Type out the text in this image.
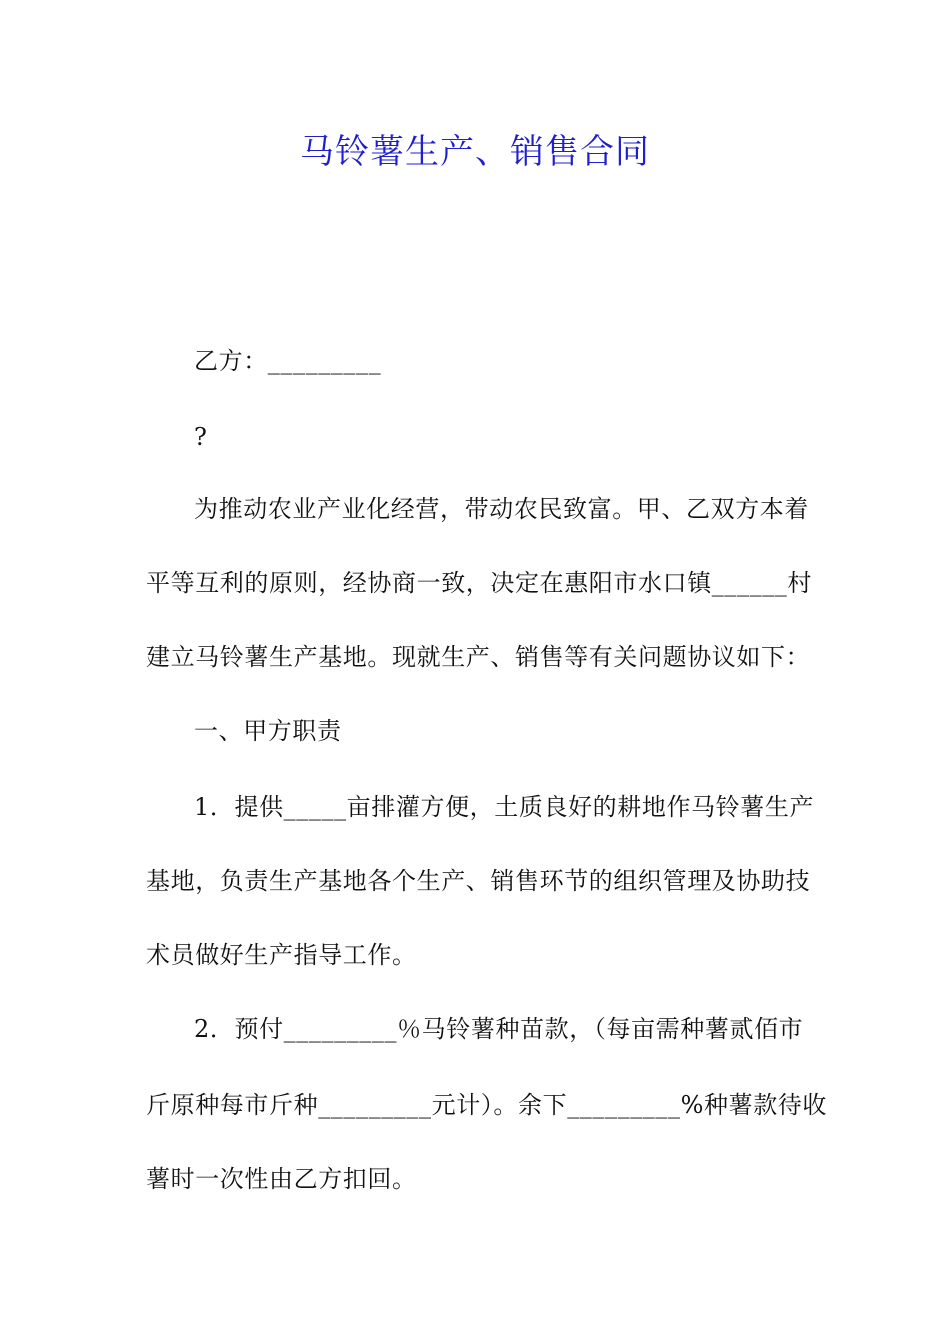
马铃薯生产、销售合同
乙方：_________
?
为推动农业产业化经营，带动农民致富。甲、乙双方本着
平等互利的原则，经协商一致，决定在惠阳市水口镇______村
建立马铃薯生产基地。现就生产、销售等有关问题协议如下：
一、甲方职责
1．提供_____亩排灌方便，土质良好的耕地作马铃薯生产
基地，负责生产基地各个生产、销售环节的组织管理及协助技
术员做好生产指导工作。
2．预付_________％马铃薯种苗款，（每亩需种薯贰佰市
斤原种每市斤种_________元计）。余下_________%种薯款待收
薯时一次性由乙方扣回。
